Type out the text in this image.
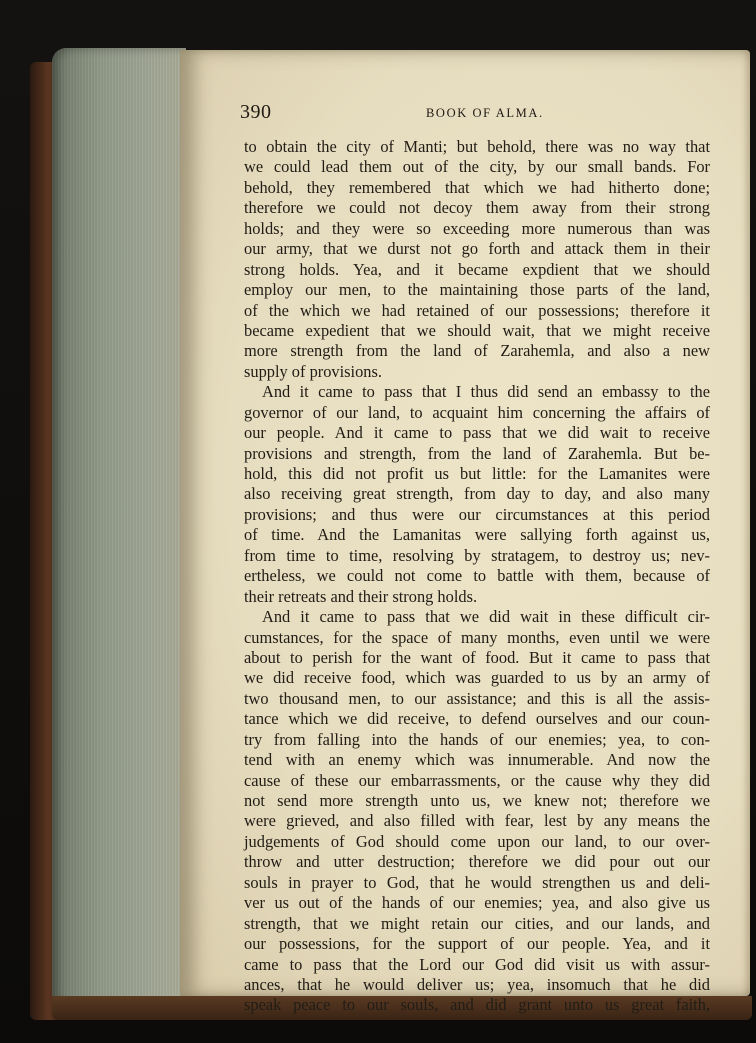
390	BOOK OF ALMA.
to obtain the city of Manti; but behold, there was no way that
we could lead them out of the city, by our small bands. For
behold, they remembered that which we had hitherto done;
therefore we could not decoy them away from their strong
holds; and they were so exceeding more numerous than was
our army, that we durst not go forth and attack them in their
strong holds. Yea, and it became expdient that we should
employ our men, to the maintaining those parts of the land,
of the which we had retained of our possessions; therefore it
became expedient that we should wait, that we might receive
more strength from the land of Zarahemla, and also a new
supply of provisions.
And it came to pass that I thus did send an embassy to the
governor of our land, to acquaint him concerning the affairs of
our people. And it came to pass that we did wait to receive
provisions and strength, from the land of Zarahemla. But be-
hold, this did not profit us but little: for the Lamanites were
also receiving great strength, from day to day, and also many
provisions; and thus were our circumstances at this period
of time. And the Lamanitas were sallying forth against us,
from time to time, resolving by stratagem, to destroy us; nev-
ertheless, we could not come to battle with them, because of
their retreats and their strong holds.
And it came to pass that we did wait in these difficult cir-
cumstances, for the space of many months, even until we were
about to perish for the want of food. But it came to pass that
we did receive food, which was guarded to us by an army of
two thousand men, to our assistance; and this is all the assis-
tance which we did receive, to defend ourselves and our coun-
try from falling into the hands of our enemies; yea, to con-
tend with an enemy which was innumerable. And now the
cause of these our embarrassments, or the cause why they did
not send more strength unto us, we knew not; therefore we
were grieved, and also filled with fear, lest by any means the
judgements of God should come upon our land, to our over-
throw and utter destruction; therefore we did pour out our
souls in prayer to God, that he would strengthen us and deli-
ver us out of the hands of our enemies; yea, and also give us
strength, that we might retain our cities, and our lands, and
our possessions, for the support of our people. Yea, and it
came to pass that the Lord our God did visit us with assur-
ances, that he would deliver us; yea, insomuch that he did
speak peace to our souls, and did grant unto us great faith,
